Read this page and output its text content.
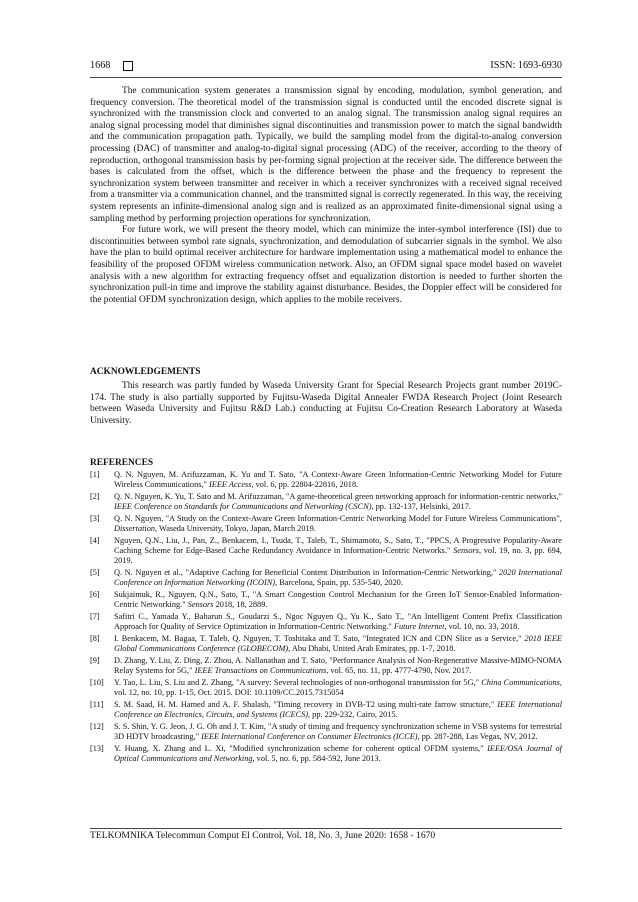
1668	ISSN: 1693-6930

The communication system generates a transmission signal by encoding, modulation, symbol generation, and frequency conversion. The theoretical model of the transmission signal is conducted until the encoded discrete signal is synchronized with the transmission clock and converted to an analog signal. The transmission analog signal requires an analog signal processing model that diminishes signal discontinuities and transmission power to match the signal bandwidth and the communication propagation path. Typically, we build the sampling model from the digital-to-analog conversion processing (DAC) of transmitter and analog-to-digital signal processing (ADC) of the receiver, according to the theory of reproduction, orthogonal transmission basis by per-forming signal projection at the receiver side. The difference between the bases is calculated from the offset, which is the difference between the phase and the frequency to represent the synchronization system between transmitter and receiver in which a receiver synchronizes with a received signal received from a transmitter via a communication channel, and the transmitted signal is correctly regenerated. In this way, the receiving system represents an infinite-dimensional analog sign and is realized as an approximated finite-dimensional signal using a sampling method by performing projection operations for synchronization.

For future work, we will present the theory model, which can minimize the inter-symbol interference (ISI) due to discontinuities between symbol rate signals, synchronization, and demodulation of subcarrier signals in the symbol. We also have the plan to build optimal receiver architecture for hardware implementation using a mathematical model to enhance the feasibility of the proposed OFDM wireless communication network. Also, an OFDM signal space model based on wavelet analysis with a new algorithm for extracting frequency offset and equalization distortion is needed to further shorten the synchronization pull-in time and improve the stability against disturbance. Besides, the Doppler effect will be considered for the potential OFDM synchronization design, which applies to the mobile receivers.

ACKNOWLEDGEMENTS

This research was partly funded by Waseda University Grant for Special Research Projects grant number 2019C-174. The study is also partially supported by Fujitsu-Waseda Digital Annealer FWDA Research Project (Joint Research between Waseda University and Fujitsu R&D Lab.) conducting at Fujitsu Co-Creation Research Laboratory at Waseda University.

REFERENCES
[1] Q. N. Nguyen, M. Arifuzzaman, K. Yu and T. Sato, "A Context-Aware Green Information-Centric Networking Model for Future Wireless Communications," IEEE Access, vol. 6, pp. 22804-22816, 2018.
[2] Q. N. Nguyen, K. Yu, T. Sato and M. Arifuzzaman, "A game-theoretical green networking approach for information-centric networks," IEEE Conference on Standards for Communications and Networking (CSCN), pp. 132-137, Helsinki, 2017.
[3] Q. N. Nguyen, "A Study on the Context-Aware Green Information-Centric Networking Model for Future Wireless Communications", Dissertation, Waseda University, Tokyo, Japan, March 2019.
[4] Nguyen, Q.N., Liu, J., Pan, Z., Benkacem, I., Tsuda, T., Taleb, T., Shimamoto, S., Sato, T., "PPCS, A Progressive Popularity-Aware Caching Scheme for Edge-Based Cache Redundancy Avoidance in Information-Centric Networks." Sensors, vol. 19, no. 3, pp. 694, 2019.
[5] Q. N. Nguyen et al., "Adaptive Caching for Beneficial Content Distribution in Information-Centric Networking," 2020 International Conference on Information Networking (ICOIN), Barcelona, Spain, pp. 535-540, 2020.
[6] Sukjaimuk, R., Nguyen, Q.N., Sato, T., "A Smart Congestion Control Mechanism for the Green IoT Sensor-Enabled Information-Centric Networking." Sensors 2018, 18, 2889.
[7] Safitri C., Yamada Y., Baharun S., Goudarzi S., Ngoc Nguyen Q., Yu K., Sato T., "An Intelligent Content Prefix Classification Approach for Quality of Service Optimization in Information-Centric Networking." Future Internet, vol. 10, no. 33, 2018.
[8] I. Benkacem, M. Bagaa, T. Taleb, Q. Nguyen, T. Toshitaka and T. Sato, "Integrated ICN and CDN Slice as a Service," 2018 IEEE Global Communications Conference (GLOBECOM), Abu Dhabi, United Arab Emirates, pp. 1-7, 2018.
[9] D. Zhang, Y. Liu, Z. Ding, Z. Zhou, A. Nallanathan and T. Sato, "Performance Analysis of Non-Regenerative Massive-MIMO-NOMA Relay Systems for 5G," IEEE Transactions on Communications, vol. 65, no. 11, pp. 4777-4790, Nov. 2017.
[10] Y. Tao, L. Liu, S. Liu and Z. Zhang, "A survey: Several technologies of non-orthogonal transmission for 5G," China Communications, vol. 12, no. 10, pp. 1-15, Oct. 2015. DOI: 10.1109/CC.2015.7315054
[11] S. M. Saad, H. M. Hamed and A. F. Shalash, "Timing recovery in DVB-T2 using multi-rate farrow structure," IEEE International Conference on Electronics, Circuits, and Systems (ICECS), pp. 229-232, Cairo, 2015.
[12] S. S. Shin, Y. G. Jeon, J. G. Oh and J. T. Kim, "A study of timing and frequency synchronization scheme in VSB systems for terrestrial 3D HDTV broadcasting," IEEE International Conference on Consumer Electronics (ICCE), pp. 287-288, Las Vegas, NV, 2012.
[13] Y. Huang, X. Zhang and L. Xi, "Modified synchronization scheme for coherent optical OFDM systems," IEEE/OSA Journal of Optical Communications and Networking, vol. 5, no. 6, pp. 584-592, June 2013.
TELKOMNIKA Telecommun Comput El Control, Vol. 18, No. 3, June 2020: 1658 - 1670
